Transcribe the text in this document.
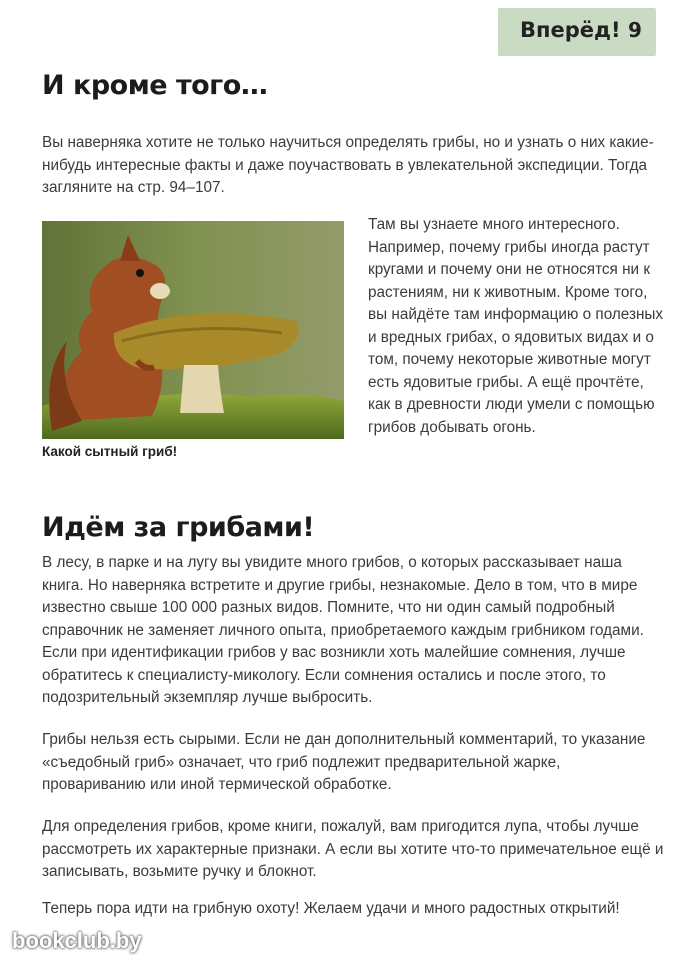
Вперёд! 9
И кроме того…

Вы наверняка хотите не только научиться определять грибы, но и узнать о них какие-нибудь интересные факты и даже поучаствовать в увлекательной экспедиции. Тогда загляните на стр. 94–107.

Какой сытный гриб!

Там вы узнаете много интересного. Например, почему грибы иногда растут кругами и почему они не относятся ни к растениям, ни к животным. Кроме того, вы найдёте там информацию о полезных и вредных грибах, о ядовитых видах и о том, почему некоторые животные могут есть ядовитые грибы. А ещё прочтёте, как в древности люди умели с помощью грибов добывать огонь.

Идём за грибами!

В лесу, в парке и на лугу вы увидите много грибов, о которых рассказывает наша книга. Но наверняка встретите и другие грибы, незнакомые. Дело в том, что в мире известно свыше 100 000 разных видов. Помните, что ни один самый подробный справочник не заменяет личного опыта, приобретаемого каждым грибником годами. Если при идентификации грибов у вас возникли хоть малейшие сомнения, лучше обратитесь к специалисту-микологу. Если сомнения остались и после этого, то подозрительный экземпляр лучше выбросить.

Грибы нельзя есть сырыми. Если не дан дополнительный комментарий, то указание «съедобный гриб» означает, что гриб подлежит предварительной жарке, провариванию или иной термической обработке.

Для определения грибов, кроме книги, пожалуй, вам пригодится лупа, чтобы лучше рассмотреть их характерные признаки. А если вы хотите что-то примечательное ещё и записывать, возьмите ручку и блокнот.

Теперь пора идти на грибную охоту! Желаем удачи и много радостных открытий!

bookclub.by
